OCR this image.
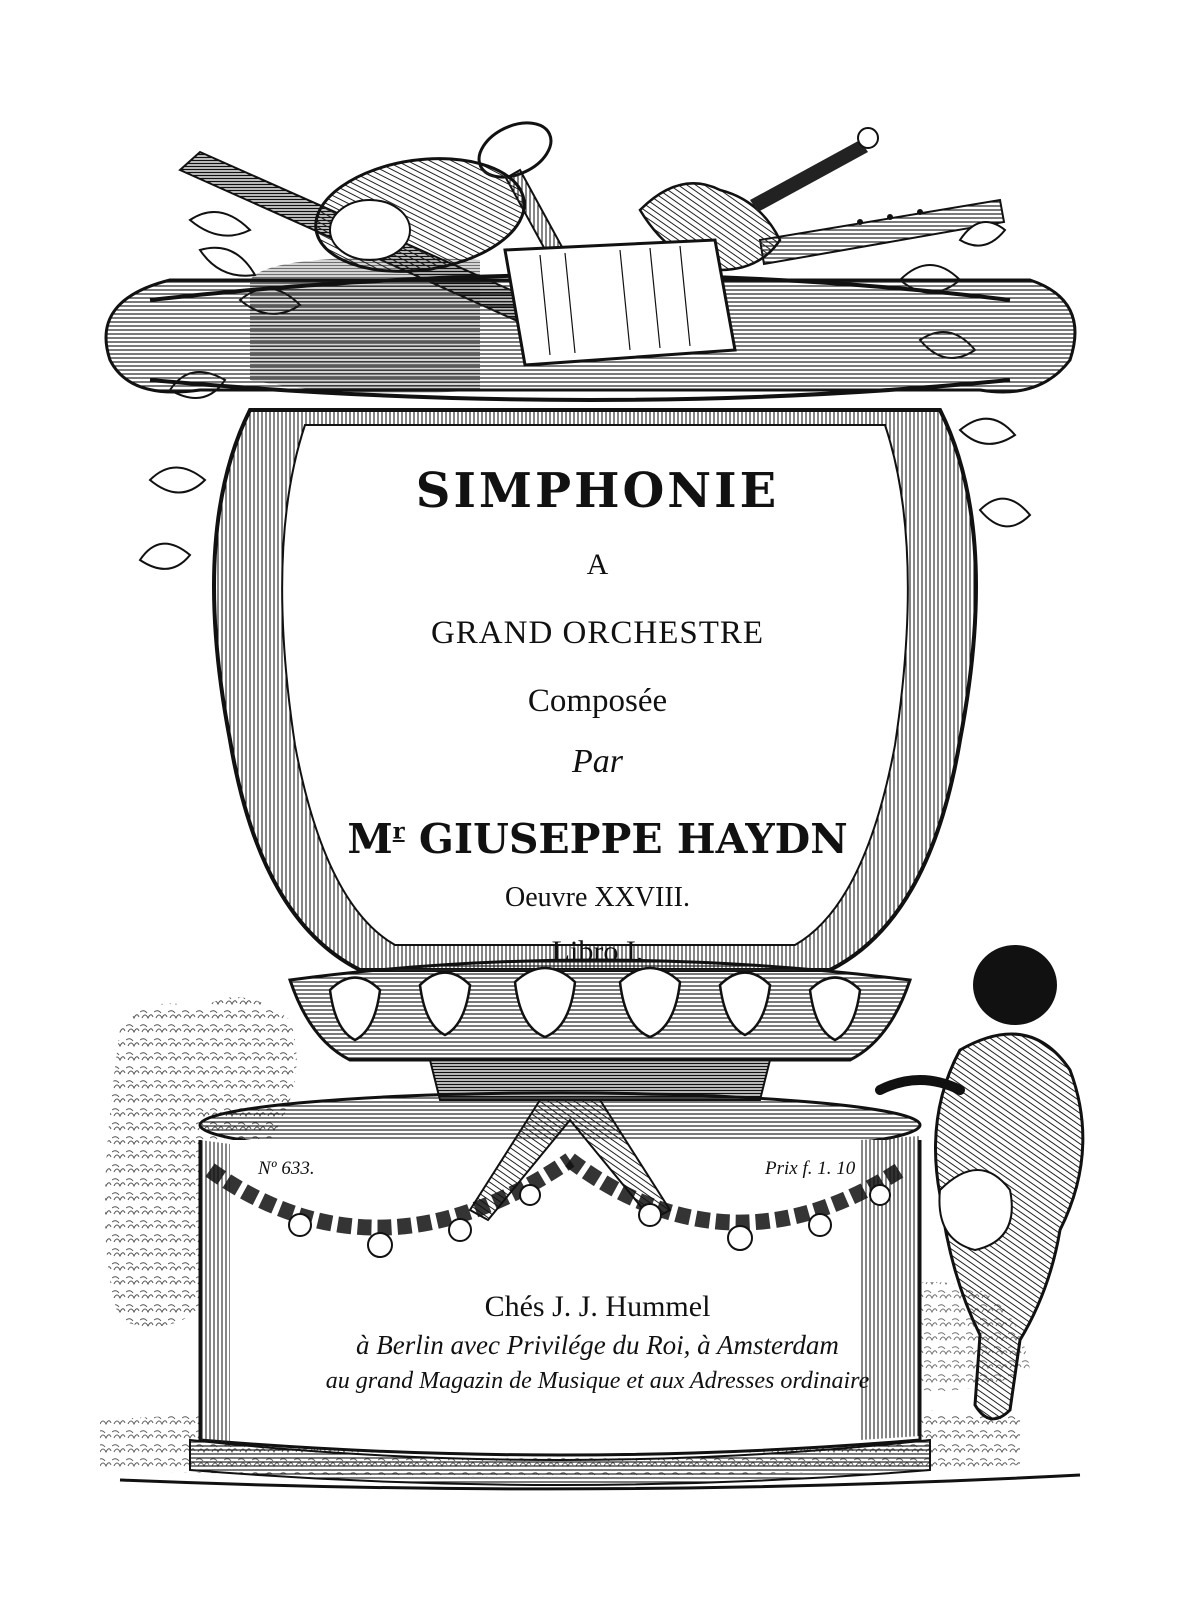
SIMPHONIE
A
GRAND ORCHESTRE
Composée
Par
$M^r$ GIUSEPPE HAYDN
Oeuvre XXVIII.
Libro I.
Nº 633.	Prix f. 1. 10
Chés J. J. Hummel
à Berlin avec Privilége du Roi, à Amsterdam
au grand Magazin de Musique et aux Adresses ordinaire
